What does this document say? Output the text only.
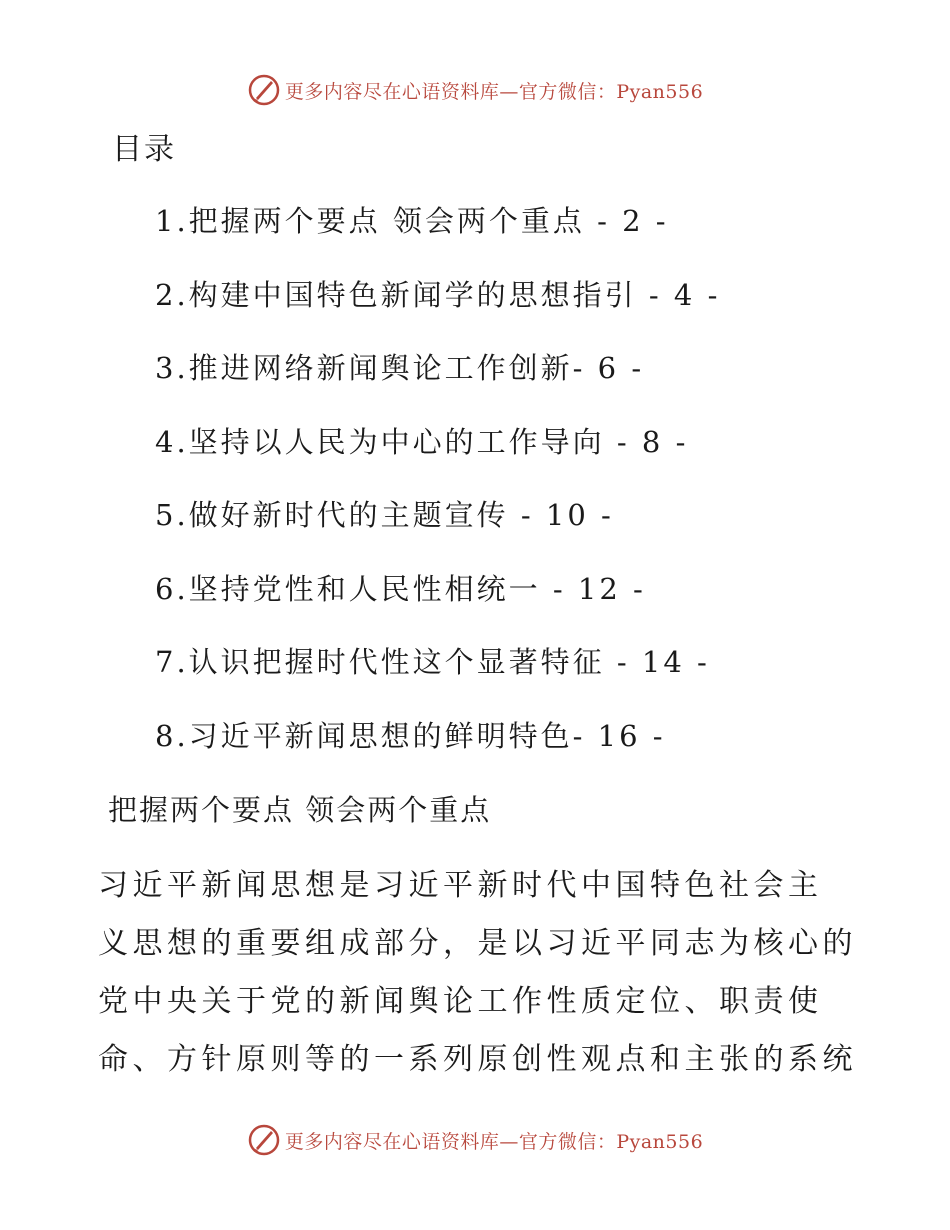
更多内容尽在心语资料库—官方微信：Pyan556
目录
1.把握两个要点 领会两个重点 - 2 -
2.构建中国特色新闻学的思想指引 - 4 -
3.推进网络新闻舆论工作创新- 6 -
4.坚持以人民为中心的工作导向 - 8 -
5.做好新时代的主题宣传 - 10 -
6.坚持党性和人民性相统一 - 12 -
7.认识把握时代性这个显著特征 - 14 -
8.习近平新闻思想的鲜明特色- 16 -
把握两个要点 领会两个重点
习近平新闻思想是习近平新时代中国特色社会主
义思想的重要组成部分，是以习近平同志为核心的
党中央关于党的新闻舆论工作性质定位、职责使
命、方针原则等的一系列原创性观点和主张的系统
更多内容尽在心语资料库—官方微信：Pyan556
